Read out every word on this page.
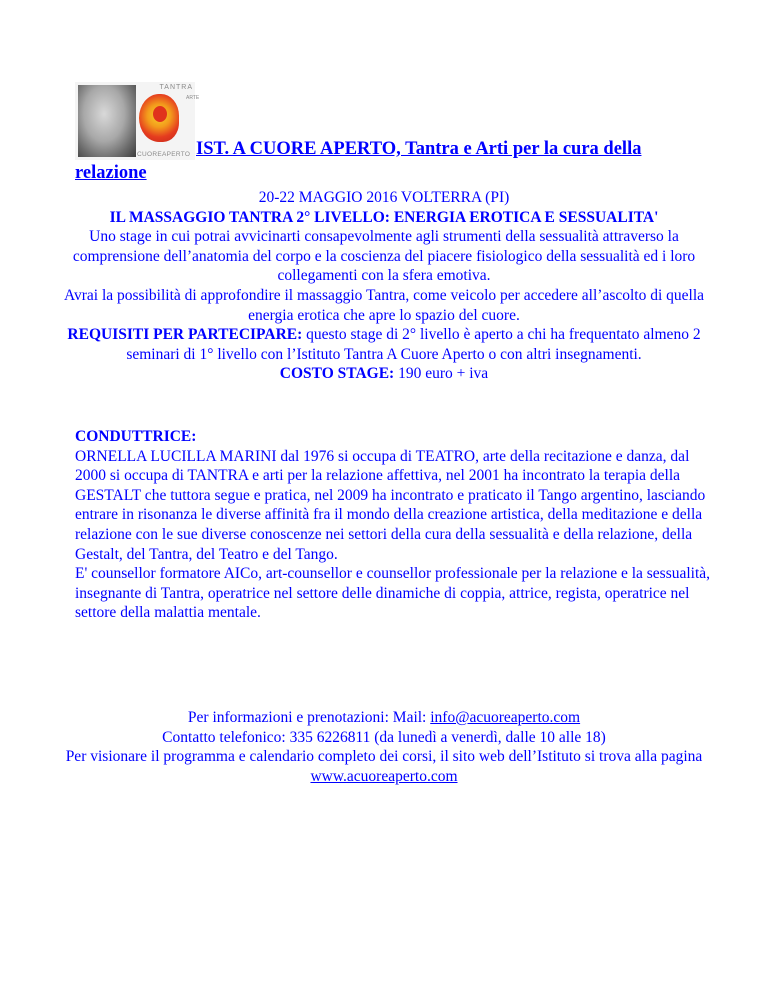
TANTRA
ARTE
CUOREAPERTO IST. A CUORE APERTO, Tantra e Arti per la cura della relazione

20-22 MAGGIO 2016 VOLTERRA (PI)

IL MASSAGGIO TANTRA 2° LIVELLO: ENERGIA EROTICA E SESSUALITA'

Uno stage in cui potrai avvicinarti consapevolmente agli strumenti della sessualità attraverso la comprensione dell’anatomia del corpo e la coscienza del piacere fisiologico della sessualità ed i loro collegamenti con la sfera emotiva.

Avrai la possibilità di approfondire il massaggio Tantra, come veicolo per accedere all’ascolto di quella energia erotica che apre lo spazio del cuore.

REQUISITI PER PARTECIPARE: questo stage di 2° livello è aperto a chi ha frequentato almeno 2 seminari di 1° livello con l’Istituto Tantra A Cuore Aperto o con altri insegnamenti.

COSTO STAGE: 190 euro + iva

CONDUTTRICE:

ORNELLA LUCILLA MARINI dal 1976 si occupa di TEATRO, arte della recitazione e danza, dal 2000 si occupa di TANTRA e arti per la relazione affettiva, nel 2001 ha incontrato la terapia della GESTALT che tuttora segue e pratica, nel 2009 ha incontrato e praticato il Tango argentino, lasciando entrare in risonanza le diverse affinità fra il mondo della creazione artistica, della meditazione e della relazione con le sue diverse conoscenze nei settori della cura della sessualità e della relazione, della Gestalt, del Tantra, del Teatro e del Tango.

E' counsellor formatore AICo, art-counsellor e counsellor professionale per la relazione e la sessualità, insegnante di Tantra, operatrice nel settore delle dinamiche di coppia, attrice, regista, operatrice nel settore della malattia mentale.

Per informazioni e prenotazioni: Mail: info@acuoreaperto.com

Contatto telefonico: 335 6226811 (da lunedì a venerdì, dalle 10 alle 18)

Per visionare il programma e calendario completo dei corsi, il sito web dell’Istituto si trova alla pagina www.acuoreaperto.com
